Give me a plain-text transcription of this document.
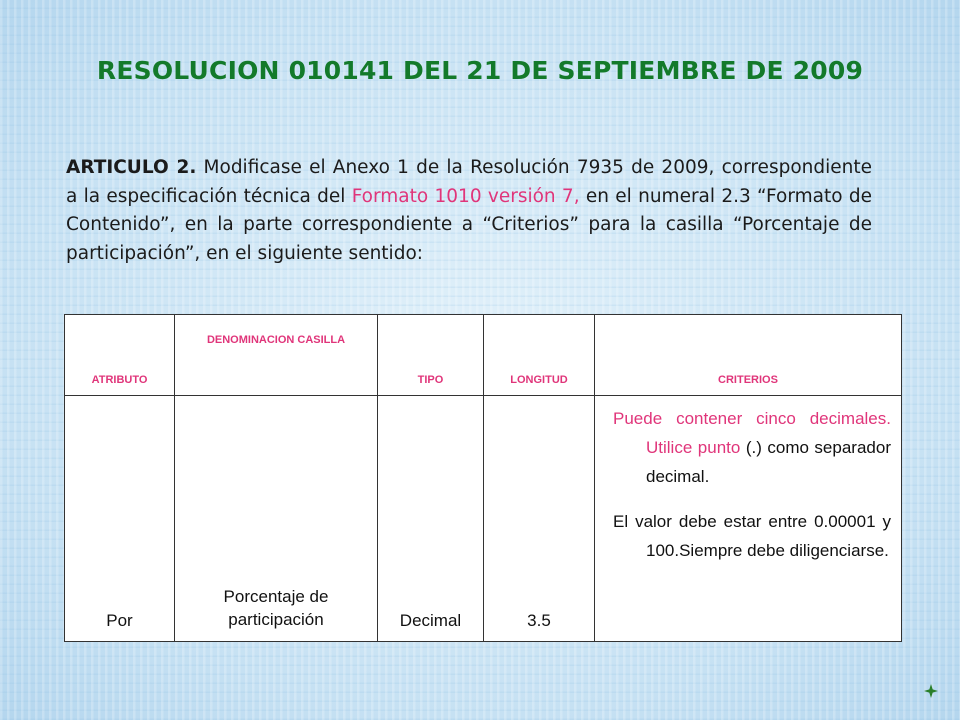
RESOLUCION 010141 DEL 21 DE SEPTIEMBRE DE 2009

ARTICULO 2. Modificase el Anexo 1 de la Resolución 7935 de 2009, correspondiente a la especificación técnica del Formato 1010 versión 7, en el numeral 2.3 “Formato de Contenido”, en la parte correspondiente a “Criterios” para la casilla “Porcentaje de participación”, en el siguiente sentido:

ATRIBUTO	DENOMINACION CASILLA	TIPO	LONGITUD	CRITERIOS
Por	Porcentaje de participación	Decimal	3.5	Puede contener cinco decimales. Utilice punto (.) como separador decimal.

El valor debe estar entre 0.00001 y 100.Siempre debe diligenciarse.
